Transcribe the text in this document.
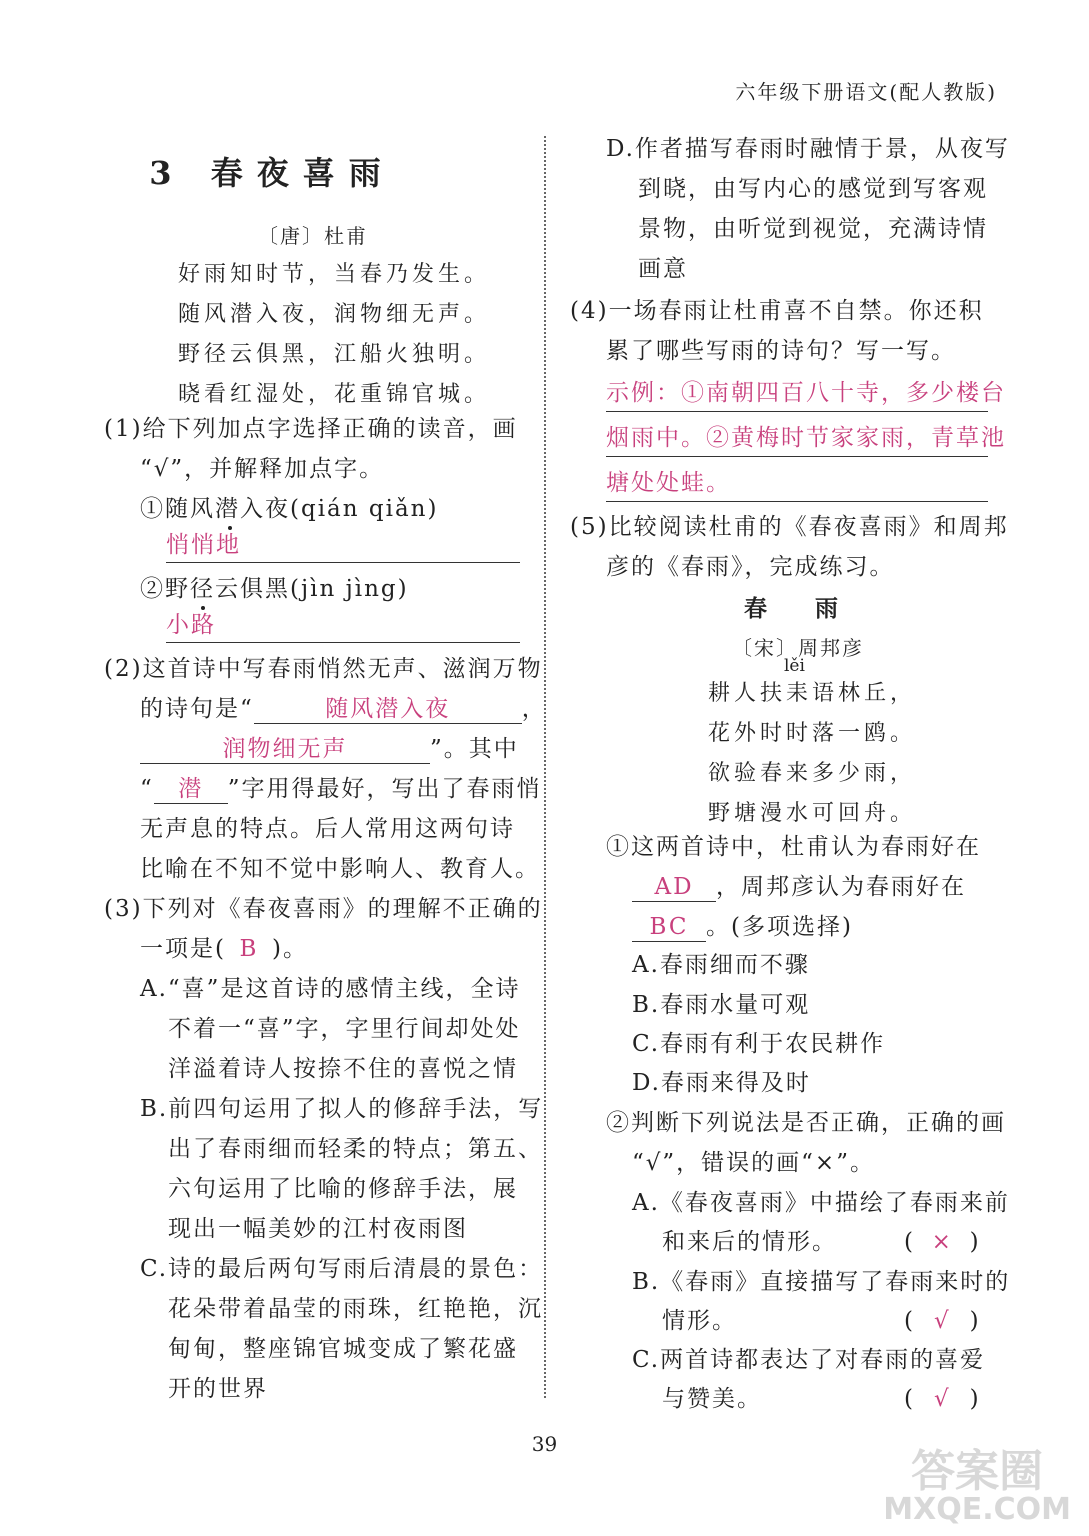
六年级下册语文(配人教版)
3 春夜喜雨
〔唐〕杜甫
好雨知时节，当春乃发生。
随风潜入夜，润物细无声。
野径云俱黑，江船火独明。
晓看红湿处，花重锦官城。
(1)给下列加点字选择正确的读音，画
“√”，并解释加点字。
①随风潜入夜(qián qiǎn)
悄悄地
②野径云俱黑(jìn jìng)
小路
(2)这首诗中写春雨悄然无声、滋润万物
的诗句是“	随风潜入夜	，
润物细无声	”。其中
“ 潜 ”字用得最好，写出了春雨悄
无声息的特点。后人常用这两句诗
比喻在不知不觉中影响人、教育人。
(3)下列对《春夜喜雨》的理解不正确的
一项是( B )。
A.“喜”是这首诗的感情主线，全诗
不着一“喜”字，字里行间却处处
洋溢着诗人按捺不住的喜悦之情
B.前四句运用了拟人的修辞手法，写
出了春雨细而轻柔的特点；第五、
六句运用了比喻的修辞手法，展
现出一幅美妙的江村夜雨图
C.诗的最后两句写雨后清晨的景色：
花朵带着晶莹的雨珠，红艳艳，沉
甸甸，整座锦官城变成了繁花盛
开的世界
D.作者描写春雨时融情于景，从夜写
到晓，由写内心的感觉到写客观
景物，由听觉到视觉，充满诗情
画意
(4)一场春雨让杜甫喜不自禁。你还积
累了哪些写雨的诗句？写一写。
示例：①南朝四百八十寺，多少楼台
烟雨中。②黄梅时节家家雨，青草池
塘处处蛙。
(5)比较阅读杜甫的《春夜喜雨》和周邦
彦的《春雨》，完成练习。
春 雨
〔宋〕周邦彦
lěi
耕人扶耒语林丘，
花外时时落一鸥。
欲验春来多少雨，
野塘漫水可回舟。
①这两首诗中，杜甫认为春雨好在
AD ，周邦彦认为春雨好在
BC 。(多项选择)
A.春雨细而不骤
B.春雨水量可观
C.春雨有利于农民耕作
D.春雨来得及时
②判断下列说法是否正确，正确的画
“√”，错误的画“×”。
A.《春夜喜雨》中描绘了春雨来前
和来后的情形。	( × )
B.《春雨》直接描写了春雨来时的
情形。	( √ )
C.两首诗都表达了对春雨的喜爱
与赞美。	( √ )
39
答案圈
MXQE.COM
